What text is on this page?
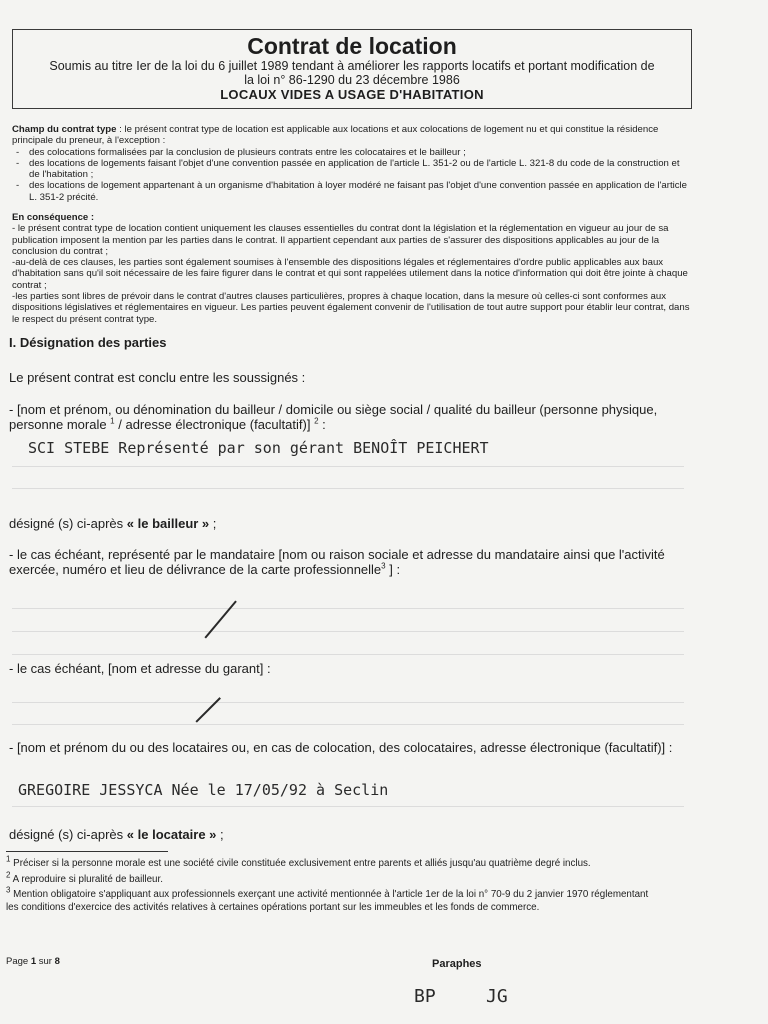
Contrat de location
Soumis au titre Ier de la loi du 6 juillet 1989 tendant à améliorer les rapports locatifs et portant modification de la loi n° 86-1290 du 23 décembre 1986
LOCAUX VIDES A USAGE D'HABITATION

Champ du contrat type : le présent contrat type de location est applicable aux locations et aux colocations de logement nu et qui constitue la résidence principale du preneur, à l'exception :

- des colocations formalisées par la conclusion de plusieurs contrats entre les colocataires et le bailleur ;
- des locations de logements faisant l'objet d'une convention passée en application de l'article L. 351-2 ou de l'article L. 321-8 du code de la construction et de l'habitation ;
- des locations de logement appartenant à un organisme d'habitation à loyer modéré ne faisant pas l'objet d'une convention passée en application de l'article L. 351-2 précité.

En conséquence :

- le présent contrat type de location contient uniquement les clauses essentielles du contrat dont la législation et la réglementation en vigueur au jour de sa publication imposent la mention par les parties dans le contrat. Il appartient cependant aux parties de s'assurer des dispositions applicables au jour de la conclusion du contrat ;

-au-delà de ces clauses, les parties sont également soumises à l'ensemble des dispositions légales et réglementaires d'ordre public applicables aux baux d'habitation sans qu'il soit nécessaire de les faire figurer dans le contrat et qui sont rappelées utilement dans la notice d'information qui doit être jointe à chaque contrat ;

-les parties sont libres de prévoir dans le contrat d'autres clauses particulières, propres à chaque location, dans la mesure où celles-ci sont conformes aux dispositions législatives et réglementaires en vigueur. Les parties peuvent également convenir de l'utilisation de tout autre support pour établir leur contrat, dans le respect du présent contrat type.

I. Désignation des parties
Le présent contrat est conclu entre les soussignés :
- [nom et prénom, ou dénomination du bailleur / domicile ou siège social / qualité du bailleur (personne physique, personne morale $^1$ / adresse électronique (facultatif)] $^2$ :
SCI STEBE Représenté par son gérant BENOÎT PEICHERT
désigné (s) ci-après « le bailleur » ;
- le cas échéant, représenté par le mandataire [nom ou raison sociale et adresse du mandataire ainsi que l'activité exercée, numéro et lieu de délivrance de la carte professionnelle$^3$ ] :
- le cas échéant, [nom et adresse du garant] :
- [nom et prénom du ou des locataires ou, en cas de colocation, des colocataires, adresse électronique (facultatif)] :
GREGOIRE JESSYCA Née le 17/05/92 à Seclin
désigné (s) ci-après « le locataire » ;

$^1$ Préciser si la personne morale est une société civile constituée exclusivement entre parents et alliés jusqu'au quatrième degré inclus.

$^2$ A reproduire si pluralité de bailleur.

$^3$ Mention obligatoire s'appliquant aux professionnels exerçant une activité mentionnée à l'article 1er de la loi n° 70-9 du 2 janvier 1970 réglementant les conditions d'exercice des activités relatives à certaines opérations portant sur les immeubles et les fonds de commerce.

Page 1 sur 8	Paraphes
BP	JG
